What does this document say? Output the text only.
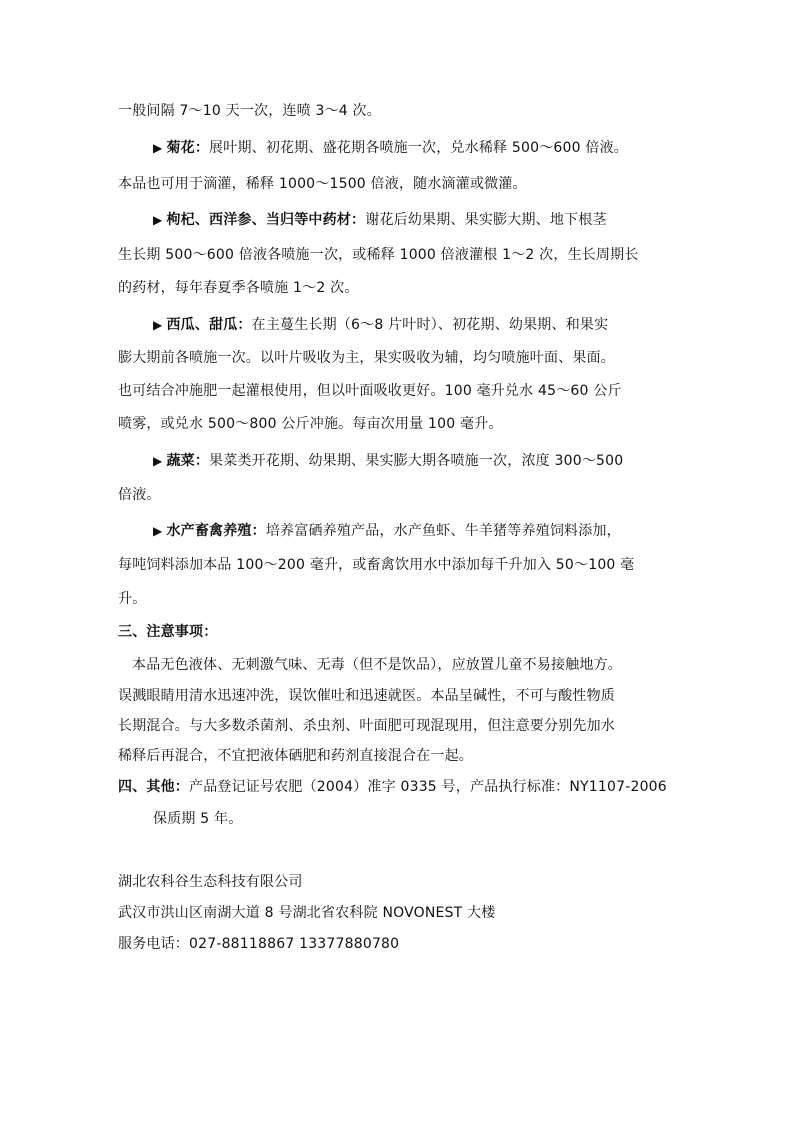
一般间隔 7～10 天一次，连喷 3～4 次。
▶ 菊花：展叶期、初花期、盛花期各喷施一次，兑水稀释 500～600 倍液。
本品也可用于滴灌，稀释 1000～1500 倍液，随水滴灌或微灌。
▶ 枸杞、西洋参、当归等中药材：谢花后幼果期、果实膨大期、地下根茎
生长期 500～600 倍液各喷施一次，或稀释 1000 倍液灌根 1～2 次，生长周期长
的药材，每年春夏季各喷施 1～2 次。
▶ 西瓜、甜瓜：在主蔓生长期（6～8 片叶时）、初花期、幼果期、和果实
膨大期前各喷施一次。以叶片吸收为主，果实吸收为辅，均匀喷施叶面、果面。
也可结合冲施肥一起灌根使用，但以叶面吸收更好。100 毫升兑水 45～60 公斤
喷雾，或兑水 500～800 公斤冲施。每亩次用量 100 毫升。
▶ 蔬菜：果菜类开花期、幼果期、果实膨大期各喷施一次，浓度 300～500
倍液。
▶ 水产畜禽养殖：培养富硒养殖产品，水产鱼虾、牛羊猪等养殖饲料添加，
每吨饲料添加本品 100～200 毫升，或畜禽饮用水中添加每千升加入 50～100 毫
升。
三、注意事项：
本品无色液体、无刺激气味、无毒（但不是饮品），应放置儿童不易接触地方。
误溅眼睛用清水迅速冲洗，误饮催吐和迅速就医。本品呈碱性，不可与酸性物质
长期混合。与大多数杀菌剂、杀虫剂、叶面肥可现混现用，但注意要分别先加水
稀释后再混合，不宜把液体硒肥和药剂直接混合在一起。
四、其他：产品登记证号农肥（2004）准字 0335 号，产品执行标准：NY1107-2006
保质期 5 年。
湖北农科谷生态科技有限公司
武汉市洪山区南湖大道 8 号湖北省农科院 NOVONEST 大楼
服务电话：027-88118867 13377880780
